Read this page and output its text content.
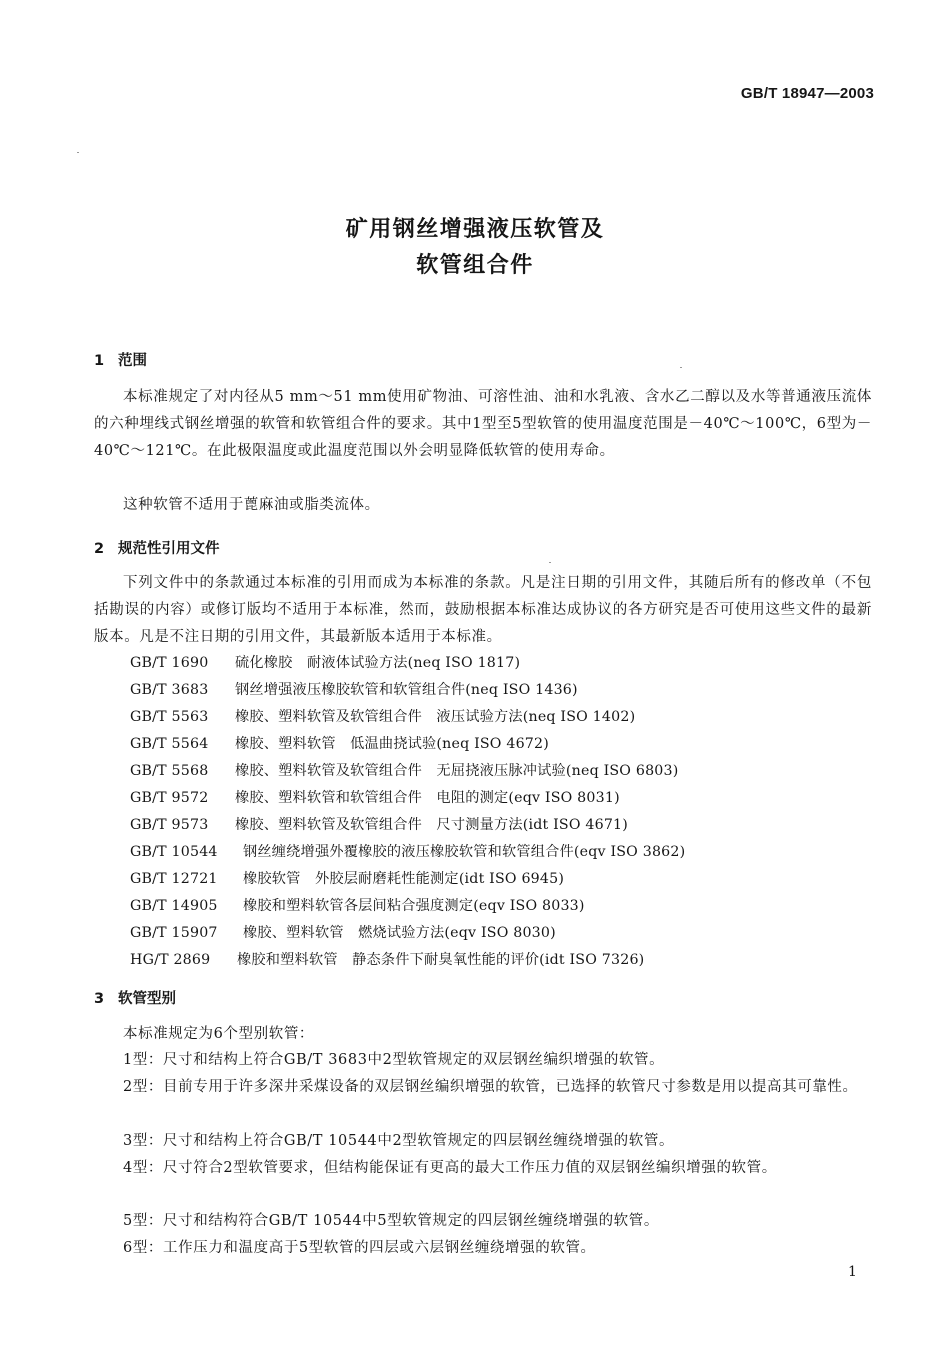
GB/T 18947—2003
矿用钢丝增强液压软管及
软管组合件
1 范围
本标准规定了对内径从5 mm～51 mm使用矿物油、可溶性油、油和水乳液、含水乙二醇以及水等普通液压流体的六种埋线式钢丝增强的软管和软管组合件的要求。其中1型至5型软管的使用温度范围是－40℃～100℃，6型为－40℃～121℃。在此极限温度或此温度范围以外会明显降低软管的使用寿命。
这种软管不适用于蓖麻油或脂类流体。
2 规范性引用文件
下列文件中的条款通过本标准的引用而成为本标准的条款。凡是注日期的引用文件，其随后所有的修改单（不包括勘误的内容）或修订版均不适用于本标准，然而，鼓励根据本标准达成协议的各方研究是否可使用这些文件的最新版本。凡是不注日期的引用文件，其最新版本适用于本标准。
GB/T 1690 硫化橡胶　耐液体试验方法(neq ISO 1817)
GB/T 3683 钢丝增强液压橡胶软管和软管组合件(neq ISO 1436)
GB/T 5563 橡胶、塑料软管及软管组合件　液压试验方法(neq ISO 1402)
GB/T 5564 橡胶、塑料软管　低温曲挠试验(neq ISO 4672)
GB/T 5568 橡胶、塑料软管及软管组合件　无屈挠液压脉冲试验(neq ISO 6803)
GB/T 9572 橡胶、塑料软管和软管组合件　电阻的测定(eqv ISO 8031)
GB/T 9573 橡胶、塑料软管及软管组合件　尺寸测量方法(idt ISO 4671)
GB/T 10544 钢丝缠绕增强外覆橡胶的液压橡胶软管和软管组合件(eqv ISO 3862)
GB/T 12721 橡胶软管　外胶层耐磨耗性能测定(idt ISO 6945)
GB/T 14905 橡胶和塑料软管各层间粘合强度测定(eqv ISO 8033)
GB/T 15907 橡胶、塑料软管　燃烧试验方法(eqv ISO 8030)
HG/T 2869 橡胶和塑料软管　静态条件下耐臭氧性能的评价(idt ISO 7326)
3 软管型别
本标准规定为6个型别软管：
1型：尺寸和结构上符合GB/T 3683中2型软管规定的双层钢丝编织增强的软管。
2型：目前专用于许多深井采煤设备的双层钢丝编织增强的软管，已选择的软管尺寸参数是用以提高其可靠性。
3型：尺寸和结构上符合GB/T 10544中2型软管规定的四层钢丝缠绕增强的软管。
4型：尺寸符合2型软管要求，但结构能保证有更高的最大工作压力值的双层钢丝编织增强的软管。
5型：尺寸和结构符合GB/T 10544中5型软管规定的四层钢丝缠绕增强的软管。
6型：工作压力和温度高于5型软管的四层或六层钢丝缠绕增强的软管。
1
